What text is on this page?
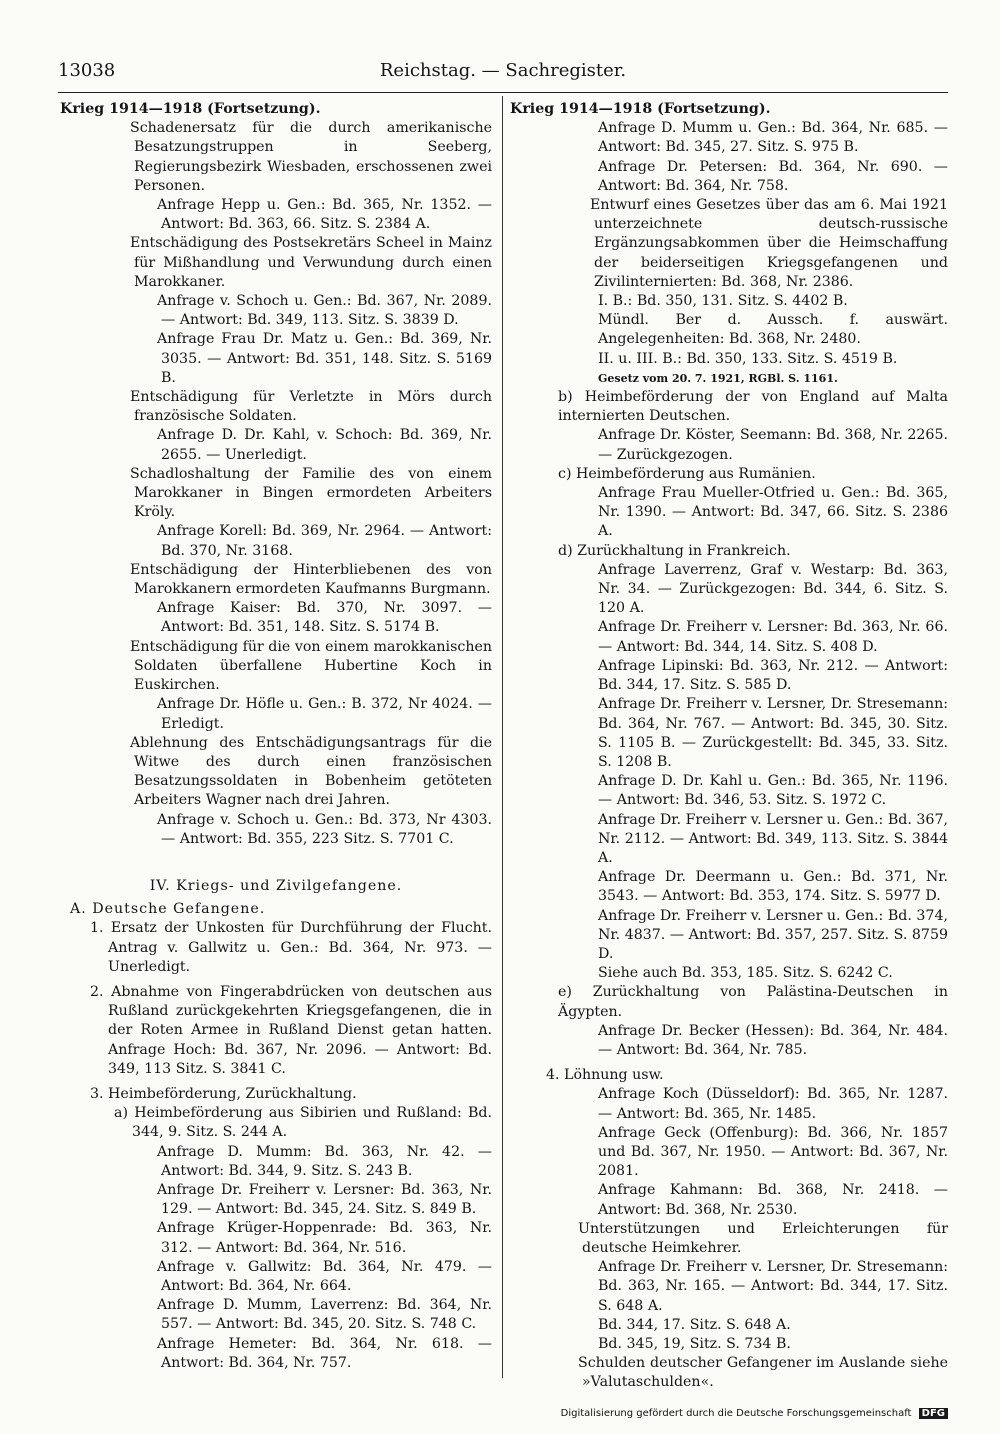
13038	Reichstag. — Sachregister.

Krieg 1914—1918 (Fortsetzung).

Schadenersatz für die durch amerikanische Besatzungstruppen in Seeberg, Regierungsbezirk Wiesbaden, erschossenen zwei Personen.

Anfrage Hepp u. Gen.: Bd. 365, Nr. 1352. — Antwort: Bd. 363, 66. Sitz. S. 2384 A.

Entschädigung des Postsekretärs Scheel in Mainz für Mißhandlung und Verwundung durch einen Marokkaner.

Anfrage v. Schoch u. Gen.: Bd. 367, Nr. 2089. — Antwort: Bd. 349, 113. Sitz. S. 3839 D.

Anfrage Frau Dr. Matz u. Gen.: Bd. 369, Nr. 3035. — Antwort: Bd. 351, 148. Sitz. S. 5169 B.

Entschädigung für Verletzte in Mörs durch französische Soldaten.

Anfrage D. Dr. Kahl, v. Schoch: Bd. 369, Nr. 2655. — Unerledigt.

Schadloshaltung der Familie des von einem Marokkaner in Bingen ermordeten Arbeiters Kröly.

Anfrage Korell: Bd. 369, Nr. 2964. — Antwort: Bd. 370, Nr. 3168.

Entschädigung der Hinterbliebenen des von Marokkanern ermordeten Kaufmanns Burgmann.

Anfrage Kaiser: Bd. 370, Nr. 3097. — Antwort: Bd. 351, 148. Sitz. S. 5174 B.

Entschädigung für die von einem marokkanischen Soldaten überfallene Hubertine Koch in Euskirchen.

Anfrage Dr. Höfle u. Gen.: B. 372, Nr 4024. — Erledigt.

Ablehnung des Entschädigungsantrags für die Witwe des durch einen französischen Besatzungssoldaten in Bobenheim getöteten Arbeiters Wagner nach drei Jahren.

Anfrage v. Schoch u. Gen.: Bd. 373, Nr 4303. — Antwort: Bd. 355, 223 Sitz. S. 7701 C.

IV. Kriegs- und Zivilgefangene.

A. Deutsche Gefangene.

1. Ersatz der Unkosten für Durchführung der Flucht. Antrag v. Gallwitz u. Gen.: Bd. 364, Nr. 973. — Unerledigt.

2. Abnahme von Fingerabdrücken von deutschen aus Rußland zurückgekehrten Kriegsgefangenen, die in der Roten Armee in Rußland Dienst getan hatten. Anfrage Hoch: Bd. 367, Nr. 2096. — Antwort: Bd. 349, 113 Sitz. S. 3841 C.

3. Heimbeförderung, Zurückhaltung.

a) Heimbeförderung aus Sibirien und Rußland: Bd. 344, 9. Sitz. S. 244 A.

Anfrage D. Mumm: Bd. 363, Nr. 42. — Antwort: Bd. 344, 9. Sitz. S. 243 B.

Anfrage Dr. Freiherr v. Lersner: Bd. 363, Nr. 129. — Antwort: Bd. 345, 24. Sitz. S. 849 B.

Anfrage Krüger-Hoppenrade: Bd. 363, Nr. 312. — Antwort: Bd. 364, Nr. 516.

Anfrage v. Gallwitz: Bd. 364, Nr. 479. — Antwort: Bd. 364, Nr. 664.

Anfrage D. Mumm, Laverrenz: Bd. 364, Nr. 557. — Antwort: Bd. 345, 20. Sitz. S. 748 C.

Anfrage Hemeter: Bd. 364, Nr. 618. — Antwort: Bd. 364, Nr. 757.

Krieg 1914—1918 (Fortsetzung).

Anfrage D. Mumm u. Gen.: Bd. 364, Nr. 685. — Antwort: Bd. 345, 27. Sitz. S. 975 B.

Anfrage Dr. Petersen: Bd. 364, Nr. 690. — Antwort: Bd. 364, Nr. 758.

Entwurf eines Gesetzes über das am 6. Mai 1921 unterzeichnete deutsch-russische Ergänzungsabkommen über die Heimschaffung der beiderseitigen Kriegsgefangenen und Zivilinternierten: Bd. 368, Nr. 2386.

I. B.: Bd. 350, 131. Sitz. S. 4402 B.

Mündl. Ber d. Aussch. f. auswärt. Angelegenheiten: Bd. 368, Nr. 2480.

II. u. III. B.: Bd. 350, 133. Sitz. S. 4519 B.

Gesetz vom 20. 7. 1921, RGBl. S. 1161.

b) Heimbeförderung der von England auf Malta internierten Deutschen.

Anfrage Dr. Köster, Seemann: Bd. 368, Nr. 2265. — Zurückgezogen.

c) Heimbeförderung aus Rumänien.

Anfrage Frau Mueller-Otfried u. Gen.: Bd. 365, Nr. 1390. — Antwort: Bd. 347, 66. Sitz. S. 2386 A.

d) Zurückhaltung in Frankreich.

Anfrage Laverrenz, Graf v. Westarp: Bd. 363, Nr. 34. — Zurückgezogen: Bd. 344, 6. Sitz. S. 120 A.

Anfrage Dr. Freiherr v. Lersner: Bd. 363, Nr. 66. — Antwort: Bd. 344, 14. Sitz. S. 408 D.

Anfrage Lipinski: Bd. 363, Nr. 212. — Antwort: Bd. 344, 17. Sitz. S. 585 D.

Anfrage Dr. Freiherr v. Lersner, Dr. Stresemann: Bd. 364, Nr. 767. — Antwort: Bd. 345, 30. Sitz. S. 1105 B. — Zurückgestellt: Bd. 345, 33. Sitz. S. 1208 B.

Anfrage D. Dr. Kahl u. Gen.: Bd. 365, Nr. 1196. — Antwort: Bd. 346, 53. Sitz. S. 1972 C.

Anfrage Dr. Freiherr v. Lersner u. Gen.: Bd. 367, Nr. 2112. — Antwort: Bd. 349, 113. Sitz. S. 3844 A.

Anfrage Dr. Deermann u. Gen.: Bd. 371, Nr. 3543. — Antwort: Bd. 353, 174. Sitz. S. 5977 D.

Anfrage Dr. Freiherr v. Lersner u. Gen.: Bd. 374, Nr. 4837. — Antwort: Bd. 357, 257. Sitz. S. 8759 D.

Siehe auch Bd. 353, 185. Sitz. S. 6242 C.

e) Zurückhaltung von Palästina-Deutschen in Ägypten.

Anfrage Dr. Becker (Hessen): Bd. 364, Nr. 484. — Antwort: Bd. 364, Nr. 785.

4. Löhnung usw.

Anfrage Koch (Düsseldorf): Bd. 365, Nr. 1287. — Antwort: Bd. 365, Nr. 1485.

Anfrage Geck (Offenburg): Bd. 366, Nr. 1857 und Bd. 367, Nr. 1950. — Antwort: Bd. 367, Nr. 2081.

Anfrage Kahmann: Bd. 368, Nr. 2418. — Antwort: Bd. 368, Nr. 2530.

Unterstützungen und Erleichterungen für deutsche Heimkehrer.

Anfrage Dr. Freiherr v. Lersner, Dr. Stresemann: Bd. 363, Nr. 165. — Antwort: Bd. 344, 17. Sitz. S. 648 A.

Bd. 344, 17. Sitz. S. 648 A.

Bd. 345, 19, Sitz. S. 734 B.

Schulden deutscher Gefangener im Auslande siehe »Valutaschulden«.

Digitalisierung gefördert durch die Deutsche Forschungsgemeinschaft DFG
